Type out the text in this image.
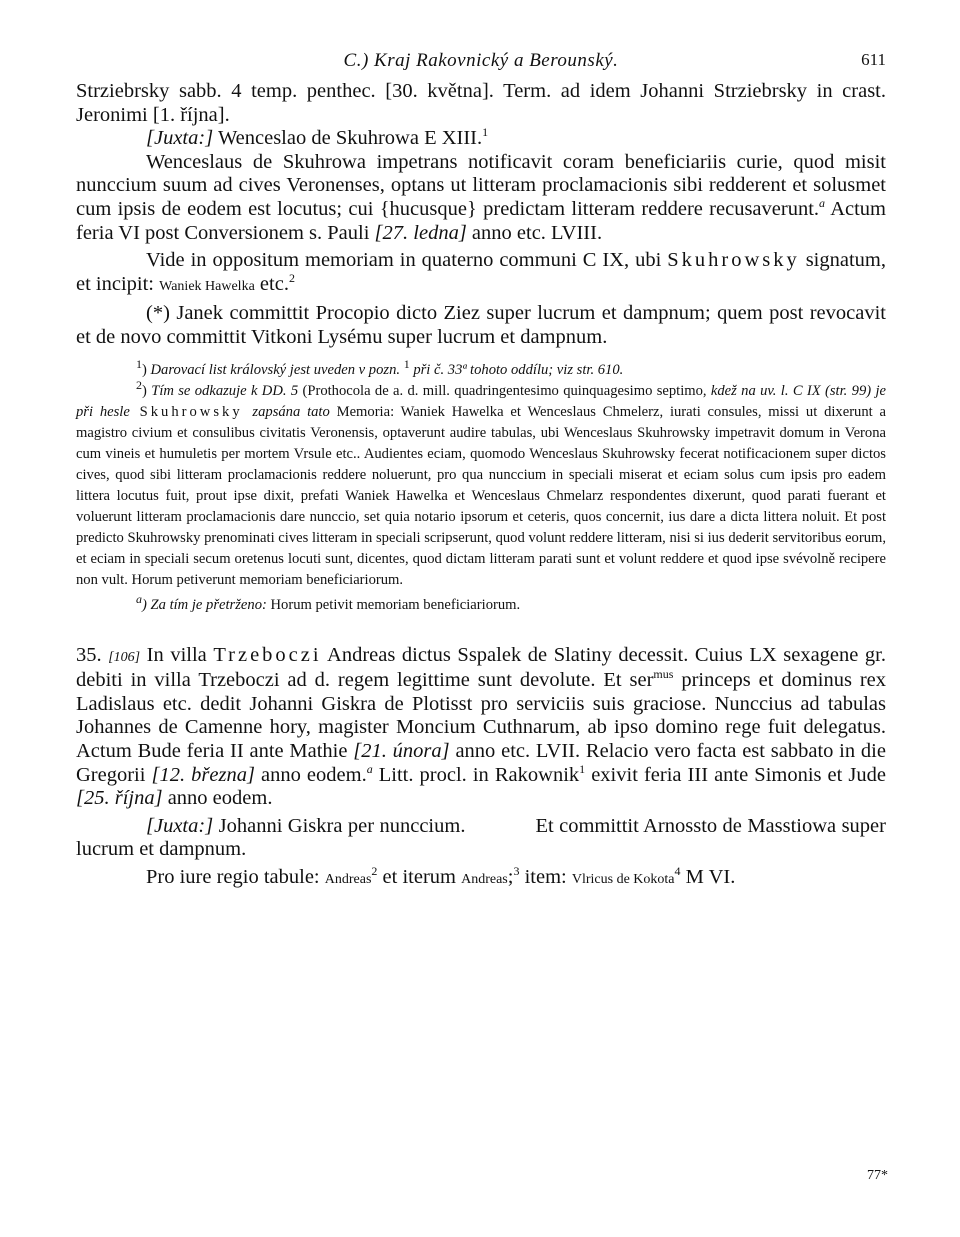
C.) Kraj Rakovnický a Berounský.	611

Strziebrsky sabb. 4 temp. penthec. [30. května]. Term. ad idem Johanni Strziebrsky in crast. Jeronimi [1. října].

[Juxta:] Wenceslao de Skuhrowa E XIII.$^1$

Wenceslaus de Skuhrowa impetrans notificavit coram beneficiariis curie, quod misit nunccium suum ad cives Veronenses, optans ut litteram proclamacionis sibi redderent et solusmet cum ipsis de eodem est locutus; cui {hucusque} predictam litteram reddere recusaverunt.$^a$ Actum feria VI post Conversionem s. Pauli [27. ledna] anno etc. LVIII.

Vide in oppositum memoriam in quaterno communi C IX, ubi Skuhrowsky signatum, et incipit: Waniek Hawelka etc.$^2$

(*) Janek committit Procopio dicto Ziez super lucrum et dampnum; quem post revocavit et de novo committit Vitkoni Lysému super lucrum et dampnum.

$^1$) Darovací list královský jest uveden v pozn. $^1$ při č. 33ª tohoto oddílu; viz str. 610.

$^2$) Tím se odkazuje k DD. 5 (Prothocola de a. d. mill. quadringentesimo quinquagesimo septimo, kdež na uv. l. C IX (str. 99) je při hesle Skuhrowsky zapsána tato Memoria: Waniek Hawelka et Wenceslaus Chmelerz, iurati consules, missi ut dixerunt a magistro civium et consulibus civitatis Veronensis, optaverunt audire tabulas, ubi Wenceslaus Skuhrowsky impetravit domum in Verona cum vineis et humuletis per mortem Vrsule etc.. Audientes eciam, quomodo Wenceslaus Skuhrowsky fecerat notificacionem super dictos cives, quod sibi litteram proclamacionis reddere noluerunt, pro qua nunccium in speciali miserat et eciam solus cum ipsis pro eadem littera locutus fuit, prout ipse dixit, prefati Waniek Hawelka et Wenceslaus Chmelarz respondentes dixerunt, quod parati fuerant et voluerunt litteram proclamacionis dare nunccio, set quia notario ipsorum et ceteris, quos concernit, ius dare a dicta littera noluit. Et post predicto Skuhrowsky prenominati cives litteram in speciali scripserunt, quod volunt reddere litteram, nisi si ius dederit servitoribus eorum, et eciam in speciali secum oretenus locuti sunt, dicentes, quod dictam litteram parati sunt et volunt reddere et quod ipse svévolně recipere non vult. Horum petiverunt memoriam beneficiariorum.

$^a$) Za tím je přetrženo: Horum petivit memoriam beneficiariorum.

35. [106] In villa Trzeboczi Andreas dictus Sspalek de Slatiny decessit. Cuius LX sexagene gr. debiti in villa Trzeboczi ad d. regem legittime sunt devolute. Et ser$^{mus}$ princeps et dominus rex Ladislaus etc. dedit Johanni Giskra de Plotisst pro serviciis suis graciose. Nunccius ad tabulas Johannes de Camenne hory, magister Moncium Cuthnarum, ab ipso domino rege fuit delegatus. Actum Bude feria II ante Mathie [21. února] anno etc. LVII. Relacio vero facta est sabbato in die Gregorii [12. března] anno eodem.$^a$ Litt. procl. in Rakownik$^1$ exivit feria III ante Simonis et Jude [25. října] anno eodem.

[Juxta:] Johanni Giskra per nunccium.	Et committit Arnossto de Masstiowa super lucrum et dampnum.

Pro iure regio tabule: Andreas$^2$ et iterum Andreas;$^3$ item: Vlricus de Kokota$^4$ M VI.

77*
